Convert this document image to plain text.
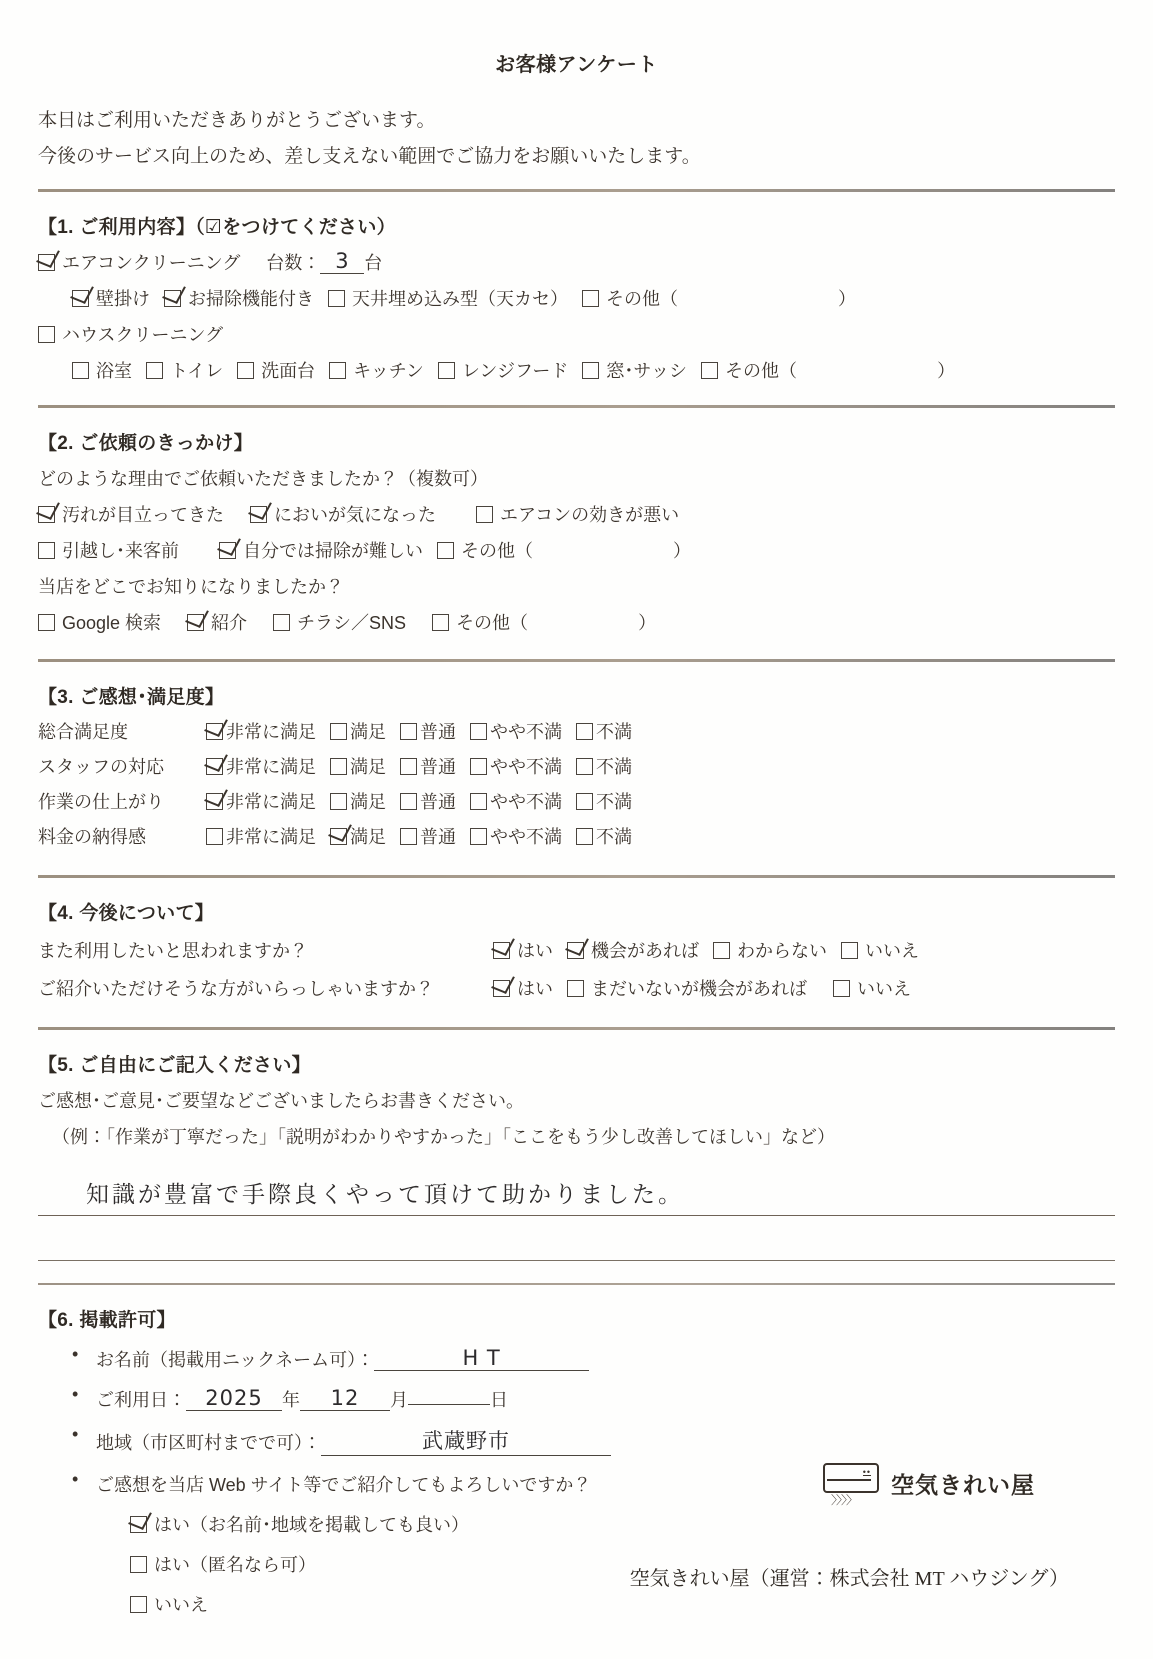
お客様アンケート
本日はご利用いただきありがとうございます。
今後のサービス向上のため、差し支えない範囲でご協力をお願いいたします。
【1. ご利用内容】（☑をつけてください）
エアコンクリーニング 台数： 3 台
壁掛け お掃除機能付き 天井埋め込み型（天カセ） その他（	）
ハウスクリーニング
浴室 トイレ 洗面台 キッチン レンジフード 窓･サッシ その他（	）
【2. ご依頼のきっかけ】
どのような理由でご依頼いただきましたか？（複数可）
汚れが目立ってきた	においが気になった	エアコンの効きが悪い
引越し･来客前	自分では掃除が難しい その他（	）
当店をどこでお知りになりましたか？
Google 検索	紹介	チラシ／SNS	その他（	）
【3. ご感想･満足度】
総合満足度	非常に満足 満足 普通 やや不満 不満
スタッフの対応	非常に満足 満足 普通 やや不満 不満
作業の仕上がり	非常に満足 満足 普通 やや不満 不満
料金の納得感	非常に満足 満足 普通 やや不満 不満
【4. 今後について】
また利用したいと思われますか？	はい 機会があれば わからない いいえ
ご紹介いただけそうな方がいらっしゃいますか？	はい まだいないが機会があれば	いいえ
【5. ご自由にご記入ください】
ご感想･ご意見･ご要望などございましたらお書きください。
（例：「作業が丁寧だった」「説明がわかりやすかった」「ここをもう少し改善してほしい」など）
知識が豊富で手際良くやって頂けて助かりました。
【6. 掲載許可】
• お名前（掲載用ニックネーム可）：	H T
• ご利用日： 2025	年	12	月	日
• 地域（市区町村までで可）：	武蔵野市
• ご感想を当店 Web サイト等でご紹介してもよろしいですか？
はい（お名前･地域を掲載しても良い）
はい（匿名なら可）
いいえ
••
〉〉〉〉
空気きれい屋
空気きれい屋（運営：株式会社 MT ハウジング）
